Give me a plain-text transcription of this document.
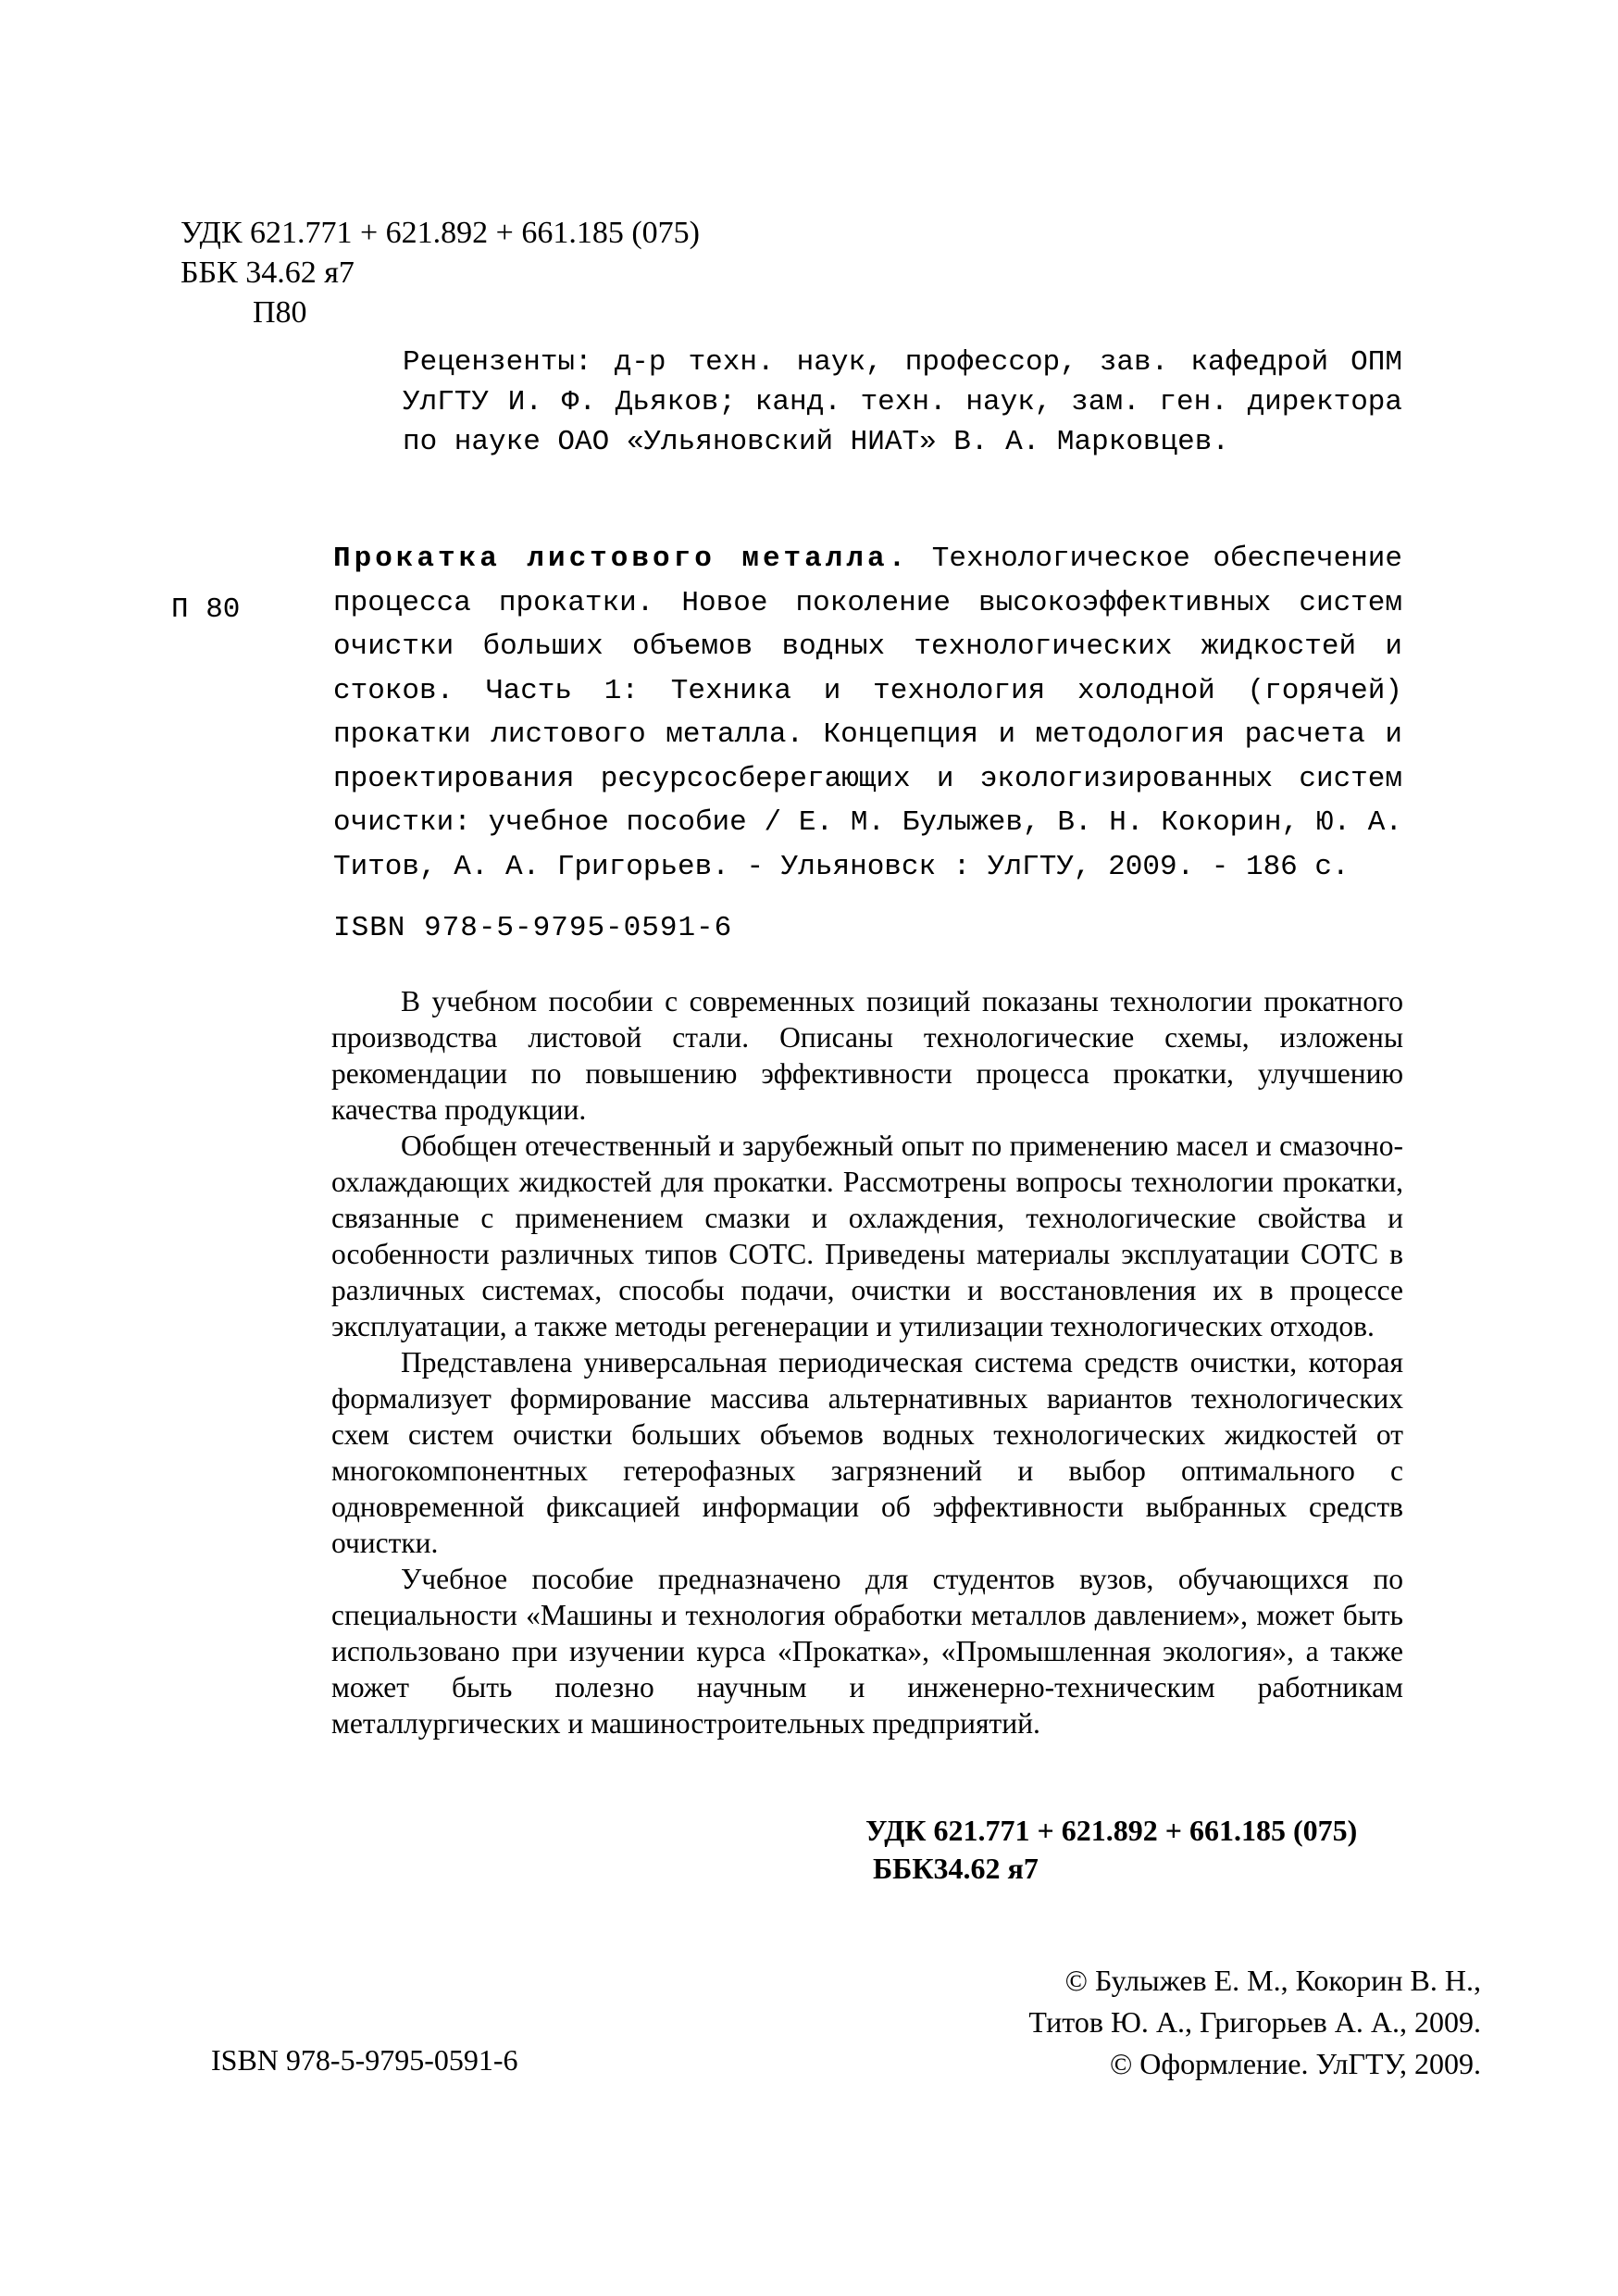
УДК 621.771 + 621.892 + 661.185 (075)
ББК 34.62 я7
П80
Рецензенты: д-р техн. наук, профессор, зав. кафедрой ОПМ УлГТУ И. Ф. Дьяков; канд. техн. наук, зам. ген. директора по науке ОАО «Ульяновский НИАТ» В. А. Марковцев.
П 80
Прокатка листового металла. Технологическое обеспечение процесса прокатки. Новое поколение высокоэффективных систем очистки больших объемов водных технологических жидкостей и стоков. Часть 1: Техника и технология холодной (горячей) прокатки листового металла. Концепция и методология расчета и проектирования ресурсосберегающих и экологизированных систем очистки: учебное пособие / Е. М. Булыжев, В. Н. Кокорин, Ю. А. Титов, А. А. Григорьев. - Ульяновск : УлГТУ, 2009. - 186 с.
ISBN 978-5-9795-0591-6

В учебном пособии с современных позиций показаны технологии прокатного производства листовой стали. Описаны технологические схемы, изложены рекомендации по повышению эффективности процесса прокатки, улучшению качества продукции.

Обобщен отечественный и зарубежный опыт по применению масел и смазочно-охлаждающих жидкостей для прокатки. Рассмотрены вопросы технологии прокатки, связанные с применением смазки и охлаждения, технологические свойства и особенности различных типов СОТС. Приведены материалы эксплуатации СОТС в различных системах, способы подачи, очистки и восстановления их в процессе эксплуатации, а также методы регенерации и утилизации технологических отходов.

Представлена универсальная периодическая система средств очистки, которая формализует формирование массива альтернативных вариантов технологических схем систем очистки больших объемов водных технологических жидкостей от многокомпонентных гетерофазных загрязнений и выбор оптимального с одновременной фиксацией информации об эффективности выбранных средств очистки.

Учебное пособие предназначено для студентов вузов, обучающихся по специальности «Машины и технология обработки металлов давлением», может быть использовано при изучении курса «Прокатка», «Промышленная экология», а также может быть полезно научным и инженерно-техническим работникам металлургических и машиностроительных предприятий.

УДК 621.771 + 621.892 + 661.185 (075)
ББК34.62 я7
© Булыжев Е. М., Кокорин В. Н.,
Титов Ю. А., Григорьев А. А., 2009.
© Оформление. УлГТУ, 2009.
ISBN 978-5-9795-0591-6
